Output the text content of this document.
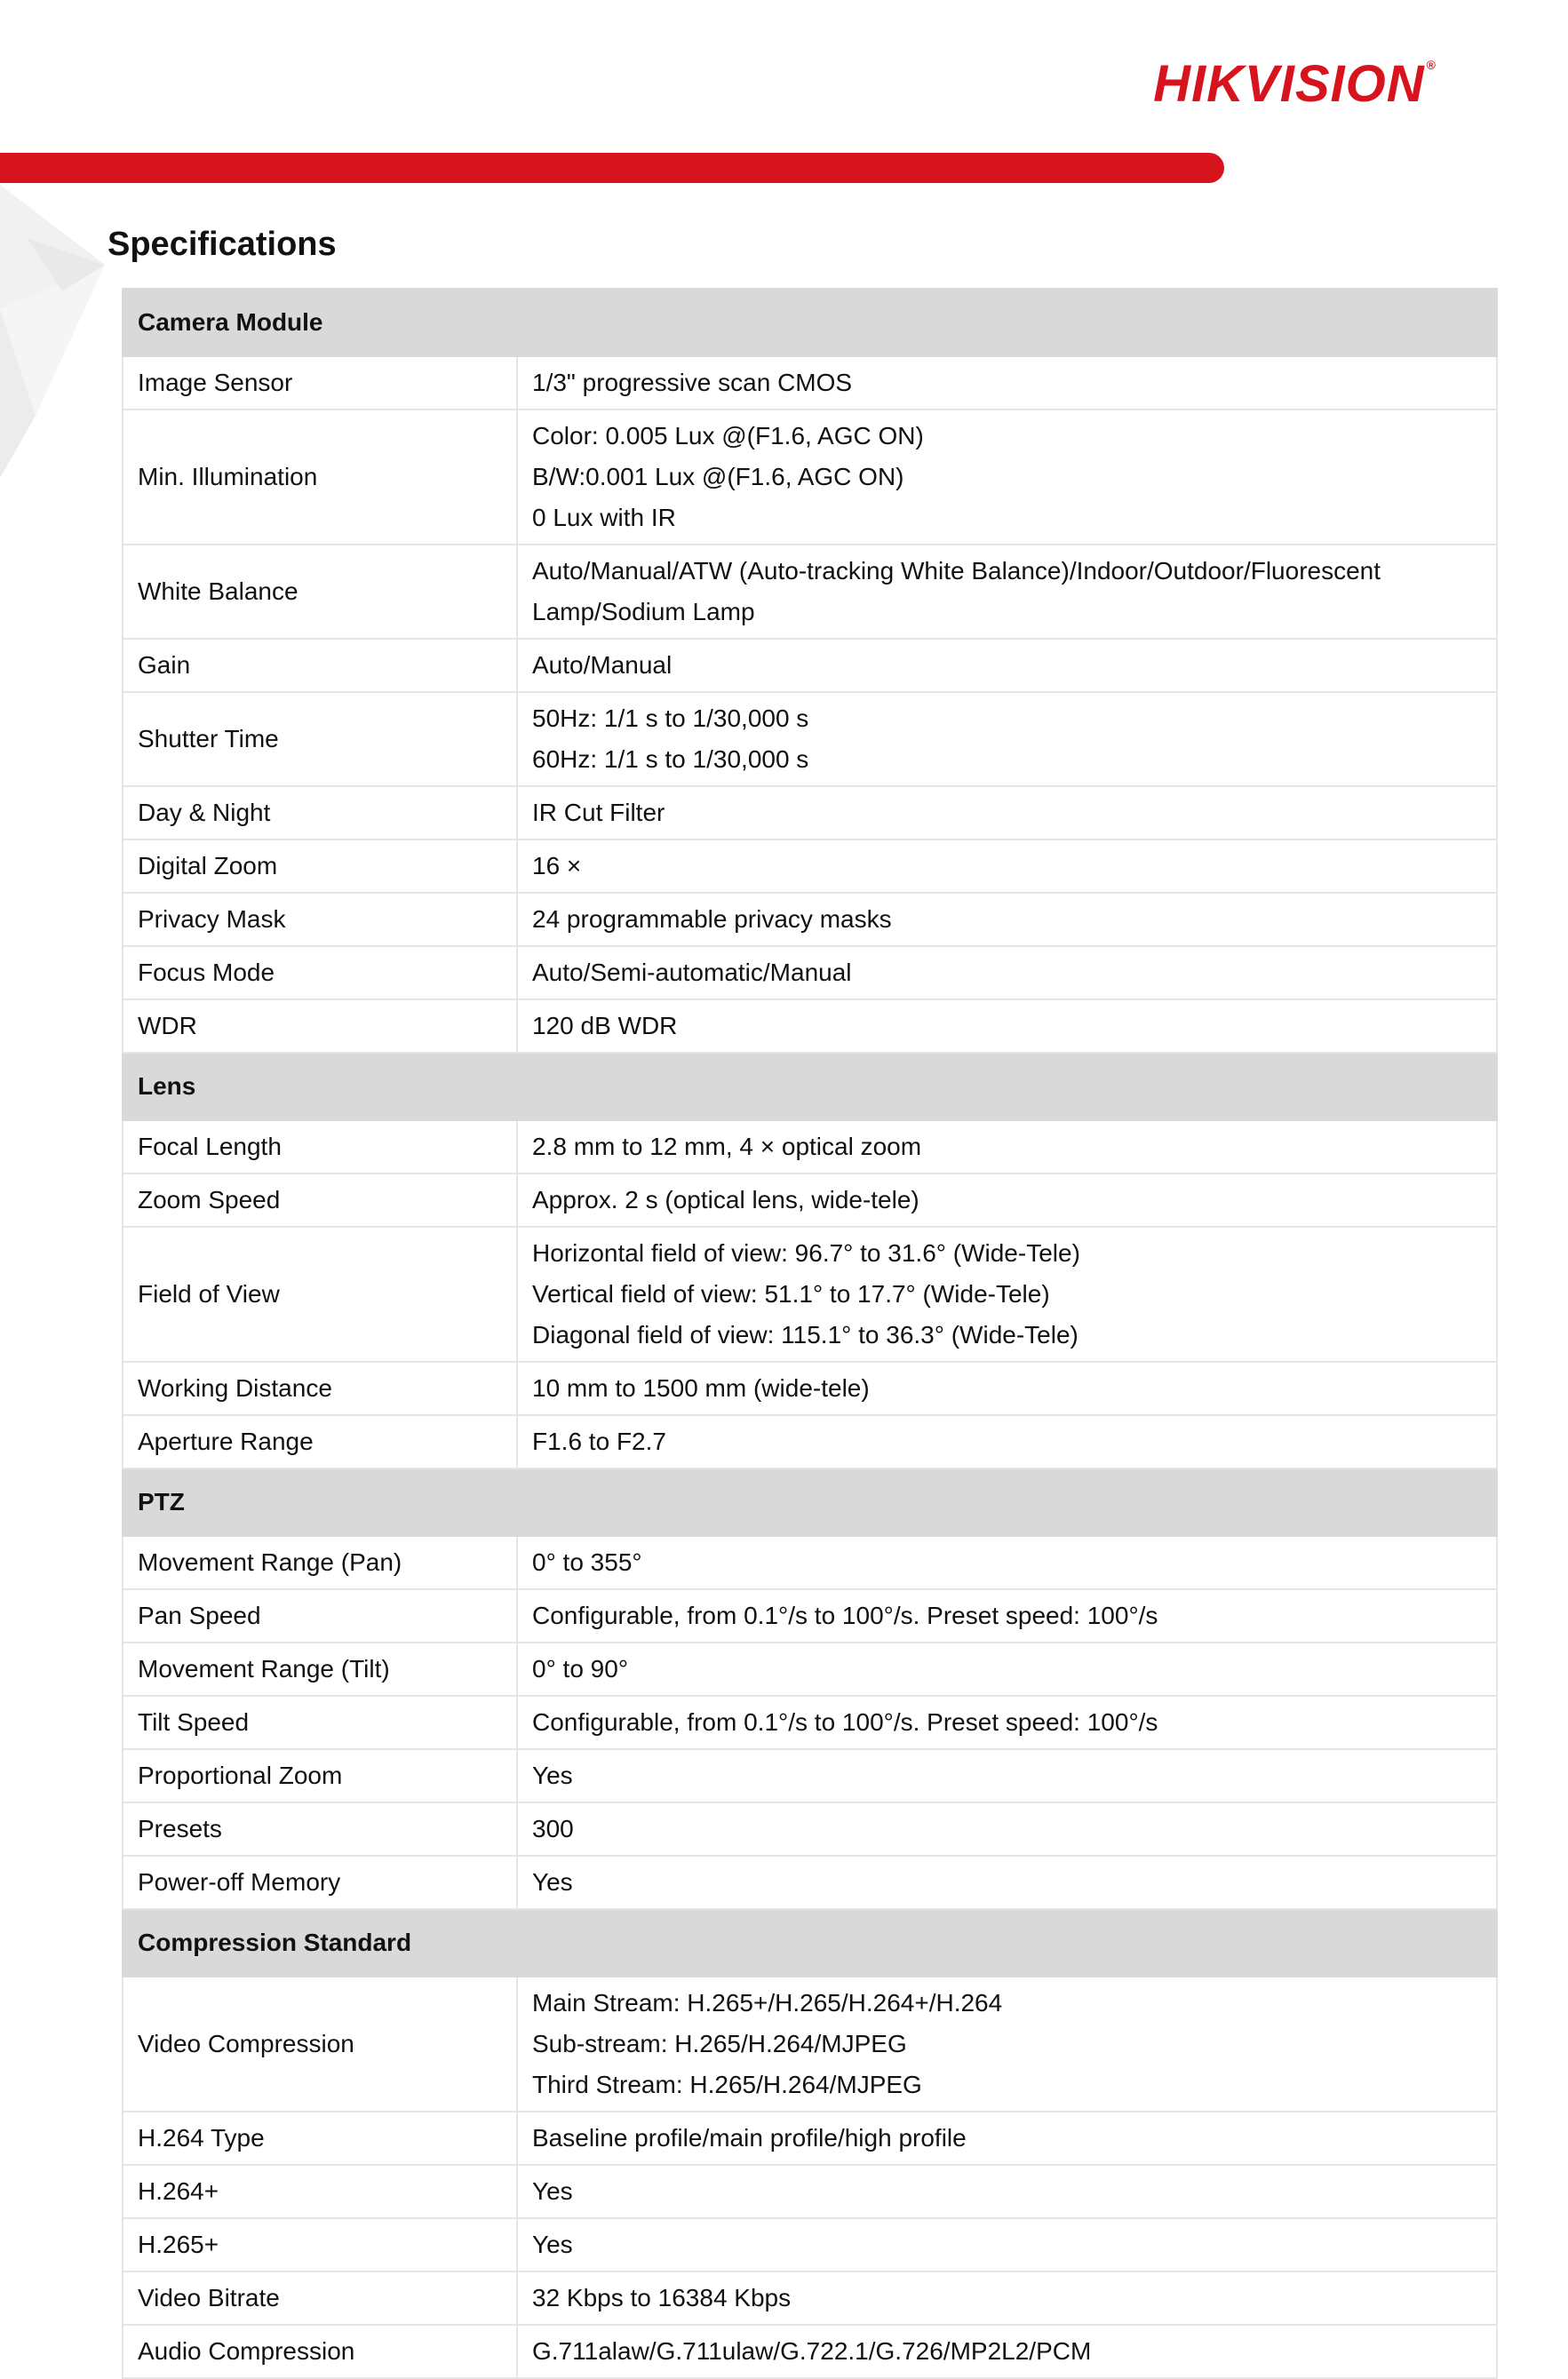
HIKVISION ®
Specifications
Camera Module	
Image Sensor	1/3" progressive scan CMOS

Min. Illumination	Color: 0.005 Lux @(F1.6, AGC ON)
B/W:0.001 Lux @(F1.6, AGC ON)
0 Lux with IR

White Balance	Auto/Manual/ATW (Auto-tracking White Balance)/Indoor/Outdoor/Fluorescent
Lamp/Sodium Lamp

Gain	Auto/Manual

Shutter Time	50Hz: 1/1 s to 1/30,000 s
60Hz: 1/1 s to 1/30,000 s

Day & Night	IR Cut Filter

Digital Zoom	16 ×

Privacy Mask	24 programmable privacy masks

Focus Mode	Auto/Semi-automatic/Manual

WDR	120 dB WDR

Lens	
Focal Length	2.8 mm to 12 mm, 4 × optical zoom

Zoom Speed	Approx. 2 s (optical lens, wide-tele)

Field of View	Horizontal field of view: 96.7° to 31.6° (Wide-Tele)
Vertical field of view: 51.1° to 17.7° (Wide-Tele)
Diagonal field of view: 115.1° to 36.3° (Wide-Tele)

Working Distance	10 mm to 1500 mm (wide-tele)

Aperture Range	F1.6 to F2.7

PTZ	
Movement Range (Pan)	0° to 355°

Pan Speed	Configurable, from 0.1°/s to 100°/s. Preset speed: 100°/s

Movement Range (Tilt)	0° to 90°

Tilt Speed	Configurable, from 0.1°/s to 100°/s. Preset speed: 100°/s

Proportional Zoom	Yes

Presets	300

Power-off Memory	Yes

Compression Standard	
Video Compression	Main Stream: H.265+/H.265/H.264+/H.264
Sub-stream: H.265/H.264/MJPEG
Third Stream: H.265/H.264/MJPEG

H.264 Type	Baseline profile/main profile/high profile

H.264+	Yes

H.265+	Yes

Video Bitrate	32 Kbps to 16384 Kbps

Audio Compression	G.711alaw/G.711ulaw/G.722.1/G.726/MP2L2/PCM
